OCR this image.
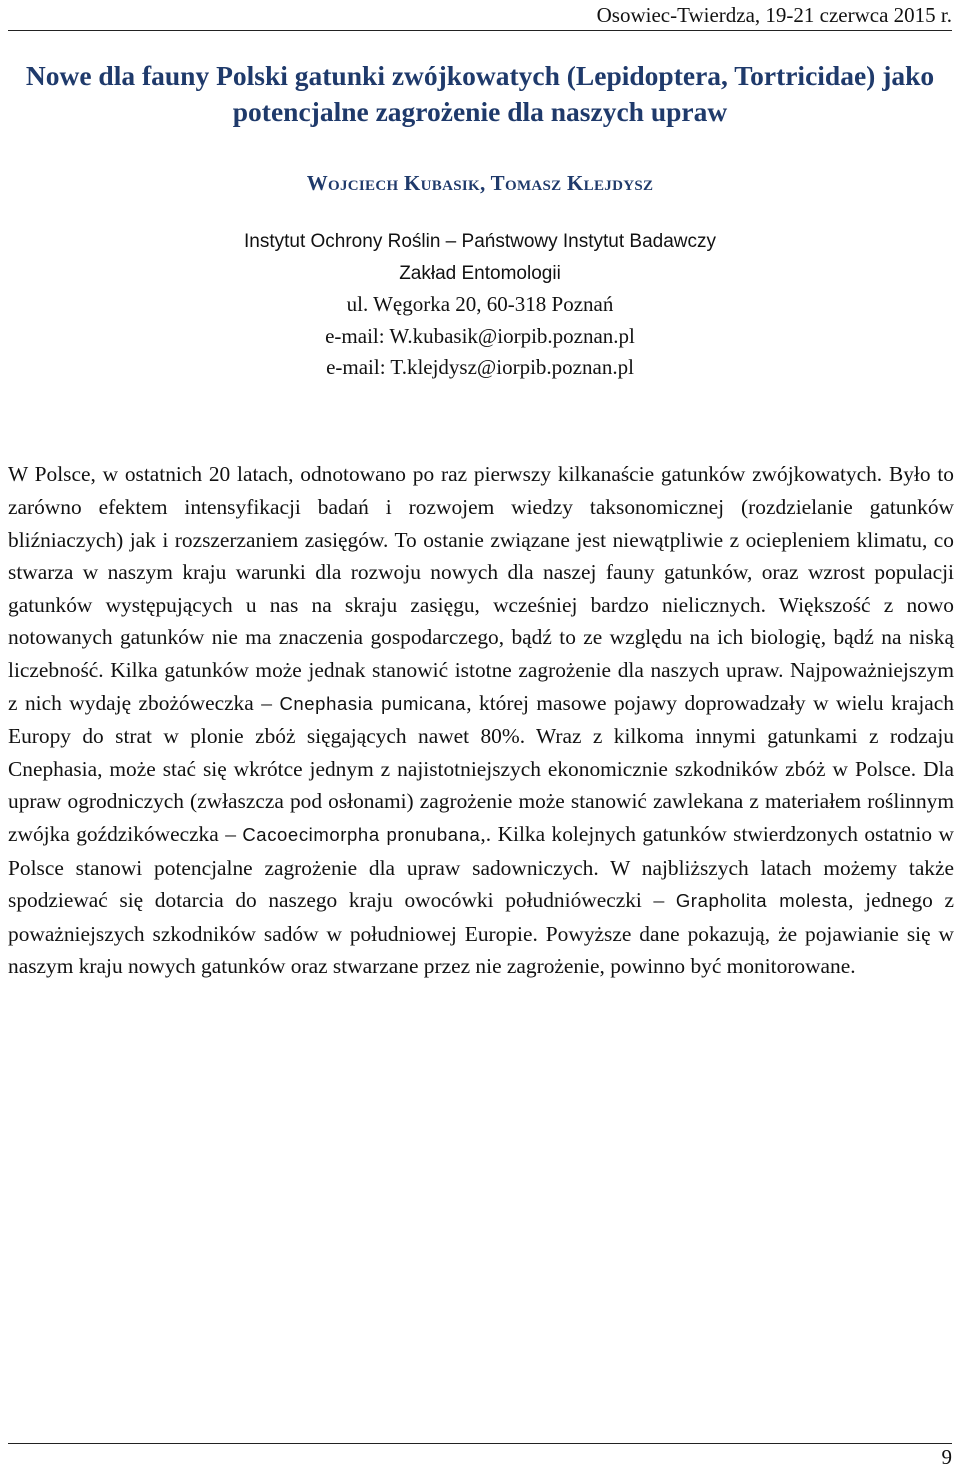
Osowiec-Twierdza, 19-21 czerwca 2015 r.
Nowe dla fauny Polski gatunki zwójkowatych (Lepidoptera, Tortricidae) jako potencjalne zagrożenie dla naszych upraw
Wojciech Kubasik, Tomasz Klejdysz
Instytut Ochrony Roślin – Państwowy Instytut Badawczy
Zakład Entomologii
ul. Węgorka 20, 60-318 Poznań
e-mail: W.kubasik@iorpib.poznan.pl
e-mail: T.klejdysz@iorpib.poznan.pl

W Polsce, w ostatnich 20 latach, odnotowano po raz pierwszy kilkanaście gatunków zwójkowatych. Było to zarówno efektem intensyfikacji badań i rozwojem wiedzy taksonomicznej (rozdzielanie gatunków bliźniaczych) jak i rozszerzaniem zasięgów. To ostanie związane jest niewątpliwie z ociepleniem klimatu, co stwarza w naszym kraju warunki dla rozwoju nowych dla naszej fauny gatunków, oraz wzrost populacji gatunków występujących u nas na skraju zasięgu, wcześniej bardzo nielicznych. Większość z nowo notowanych gatunków nie ma znaczenia gospodarczego, bądź to ze względu na ich biologię, bądź na niską liczebność. Kilka gatunków może jednak stanowić istotne zagrożenie dla naszych upraw. Najpoważniejszym z nich wydaję zbożóweczka – Cnephasia pumicana, której masowe pojawy doprowadzały w wielu krajach Europy do strat w plonie zbóż sięgających nawet 80%. Wraz z kilkoma innymi gatunkami z rodzaju Cnephasia, może stać się wkrótce jednym z najistotniejszych ekonomicznie szkodników zbóż w Polsce. Dla upraw ogrodniczych (zwłaszcza pod osłonami) zagrożenie może stanowić zawlekana z materiałem roślinnym zwójka goździkóweczka – Cacoecimorpha pronubana,. Kilka kolejnych gatunków stwierdzonych ostatnio w Polsce stanowi potencjalne zagrożenie dla upraw sadowniczych. W najbliższych latach możemy także spodziewać się dotarcia do naszego kraju owocówki południóweczki – Grapholita molesta, jednego z poważniejszych szkodników sadów w południowej Europie. Powyższe dane pokazują, że pojawianie się w naszym kraju nowych gatunków oraz stwarzane przez nie zagrożenie, powinno być monitorowane.

9
